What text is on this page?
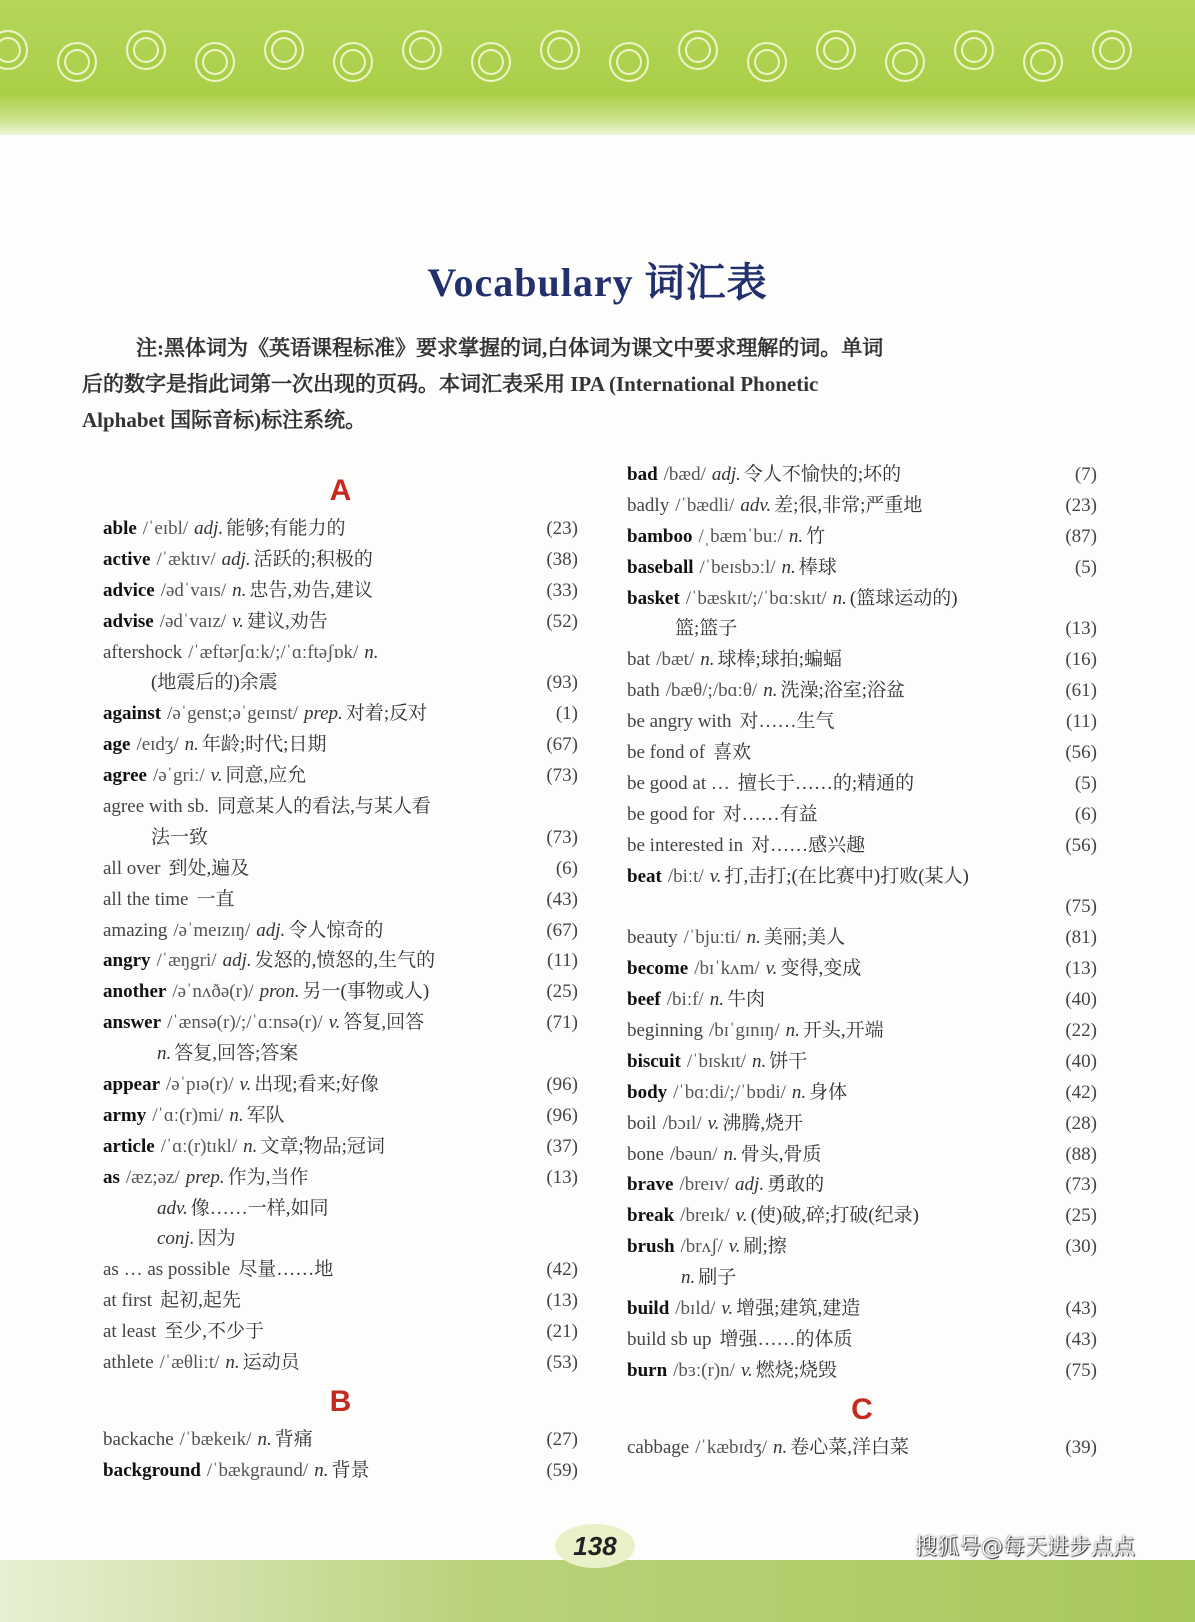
Vocabulary 词汇表
注:黑体词为《英语课程标准》要求掌握的词,白体词为课文中要求理解的词。单词
后的数字是指此词第一次出现的页码。本词汇表采用 IPA (International Phonetic
Alphabet 国际音标)标注系统。
A
able /ˈeɪbl/ adj. 能够;有能力的	(23)
active /ˈæktɪv/ adj. 活跃的;积极的	(38)
advice /ədˈvaɪs/ n. 忠告,劝告,建议	(33)
advise /ədˈvaɪz/ v. 建议,劝告	(52)
aftershock /ˈæftərʃɑːk/;/ˈɑːftəʃɒk/ n.
(地震后的)余震	(93)
against /əˈgenst;əˈgeɪnst/ prep. 对着;反对	(1)
age /eɪdʒ/ n. 年龄;时代;日期	(67)
agree /əˈgriː/ v. 同意,应允	(73)
agree with sb. 同意某人的看法,与某人看
法一致	(73)
all over 到处,遍及	(6)
all the time 一直	(43)
amazing /əˈmeɪzɪŋ/ adj. 令人惊奇的	(67)
angry /ˈæŋgri/ adj. 发怒的,愤怒的,生气的	(11)
another /əˈnʌðə(r)/ pron. 另一(事物或人)	(25)
answer /ˈænsə(r)/;/ˈɑːnsə(r)/ v. 答复,回答	(71)
n. 答复,回答;答案
appear /əˈpɪə(r)/ v. 出现;看来;好像	(96)
army /ˈɑː(r)mi/ n. 军队	(96)
article /ˈɑː(r)tɪkl/ n. 文章;物品;冠词	(37)
as /æz;əz/ prep. 作为,当作	(13)
adv. 像……一样,如同
conj. 因为
as … as possible 尽量……地	(42)
at first 起初,起先	(13)
at least 至少,不少于	(21)
athlete /ˈæθliːt/ n. 运动员	(53)
B
backache /ˈbækeɪk/ n. 背痛	(27)
background /ˈbækgraund/ n. 背景	(59)
bad /bæd/ adj. 令人不愉快的;坏的	(7)
badly /ˈbædli/ adv. 差;很,非常;严重地	(23)
bamboo /ˌbæmˈbuː/ n. 竹	(87)
baseball /ˈbeɪsbɔːl/ n. 棒球	(5)
basket /ˈbæskɪt/;/ˈbɑːskɪt/ n. (篮球运动的)
篮;篮子	(13)
bat /bæt/ n. 球棒;球拍;蝙蝠	(16)
bath /bæθ/;/bɑːθ/ n. 洗澡;浴室;浴盆	(61)
be angry with 对……生气	(11)
be fond of 喜欢	(56)
be good at … 擅长于……的;精通的	(5)
be good for 对……有益	(6)
be interested in 对……感兴趣	(56)
beat /biːt/ v. 打,击打;(在比赛中)打败(某人)
(75)
beauty /ˈbjuːti/ n. 美丽;美人	(81)
become /bɪˈkʌm/ v. 变得,变成	(13)
beef /biːf/ n. 牛肉	(40)
beginning /bɪˈgɪnɪŋ/ n. 开头,开端	(22)
biscuit /ˈbɪskɪt/ n. 饼干	(40)
body /ˈbɑːdi/;/ˈbɒdi/ n. 身体	(42)
boil /bɔɪl/ v. 沸腾,烧开	(28)
bone /bəun/ n. 骨头,骨质	(88)
brave /breɪv/ adj. 勇敢的	(73)
break /breɪk/ v. (使)破,碎;打破(纪录)	(25)
brush /brʌʃ/ v. 刷;擦	(30)
n. 刷子
build /bɪld/ v. 增强;建筑,建造	(43)
build sb up 增强……的体质	(43)
burn /bɜː(r)n/ v. 燃烧;烧毁	(75)
C
cabbage /ˈkæbɪdʒ/ n. 卷心菜,洋白菜	(39)
138	搜狐号@每天进步点点
